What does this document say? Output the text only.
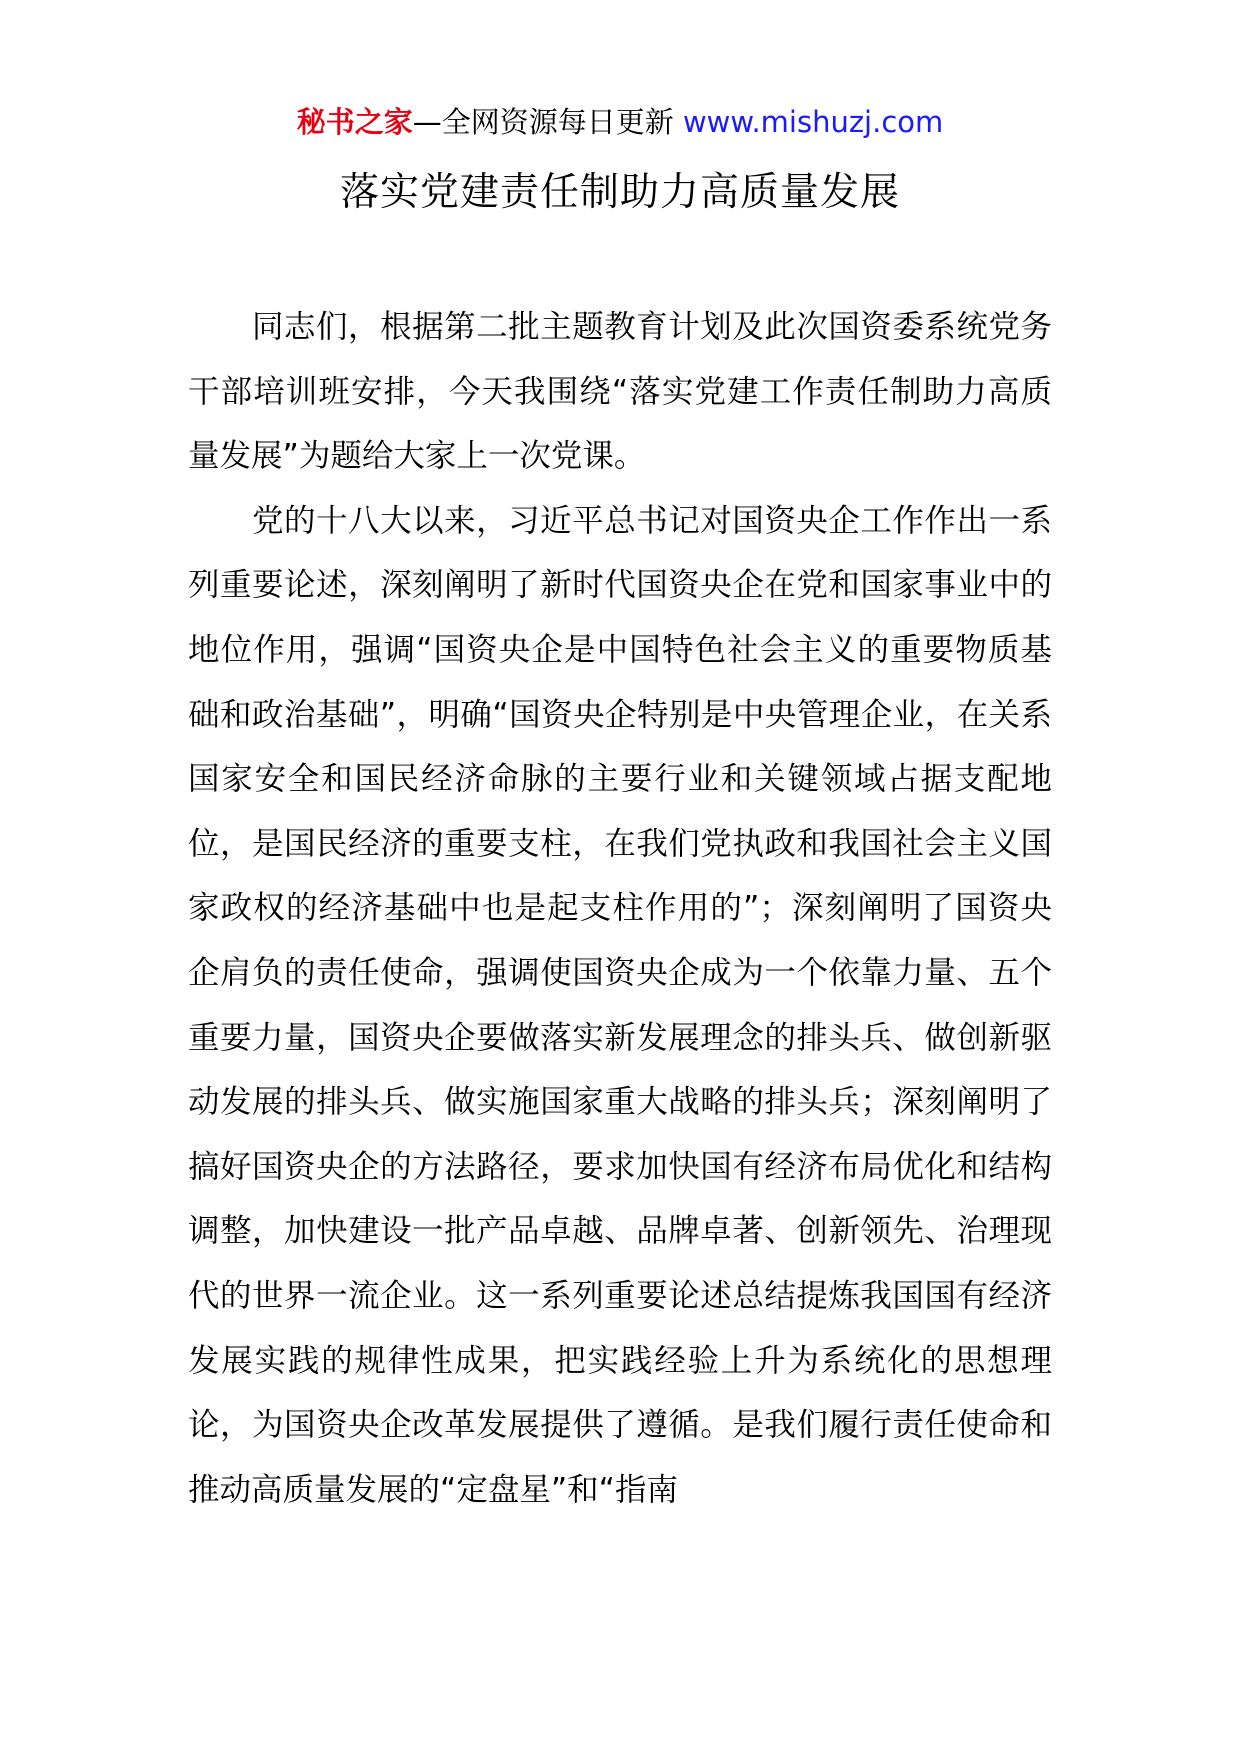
秘书之家—全网资源每日更新 www.mishuzj.com
落实党建责任制助力高质量发展

同志们，根据第二批主题教育计划及此次国资委系统党务干部培训班安排，今天我围绕“落实党建工作责任制助力高质量发展”为题给大家上一次党课。

党的十八大以来，习近平总书记对国资央企工作作出一系列重要论述，深刻阐明了新时代国资央企在党和国家事业中的地位作用，强调“国资央企是中国特色社会主义的重要物质基础和政治基础”，明确“国资央企特别是中央管理企业，在关系国家安全和国民经济命脉的主要行业和关键领域占据支配地位，是国民经济的重要支柱，在我们党执政和我国社会主义国家政权的经济基础中也是起支柱作用的”；深刻阐明了国资央企肩负的责任使命，强调使国资央企成为一个依靠力量、五个重要力量，国资央企要做落实新发展理念的排头兵、做创新驱动发展的排头兵、做实施国家重大战略的排头兵；深刻阐明了搞好国资央企的方法路径，要求加快国有经济布局优化和结构调整，加快建设一批产品卓越、品牌卓著、创新领先、治理现代的世界一流企业。这一系列重要论述总结提炼我国国有经济发展实践的规律性成果，把实践经验上升为系统化的思想理论，为国资央企改革发展提供了遵循。是我们履行责任使命和推动高质量发展的“定盘星”和“指南
